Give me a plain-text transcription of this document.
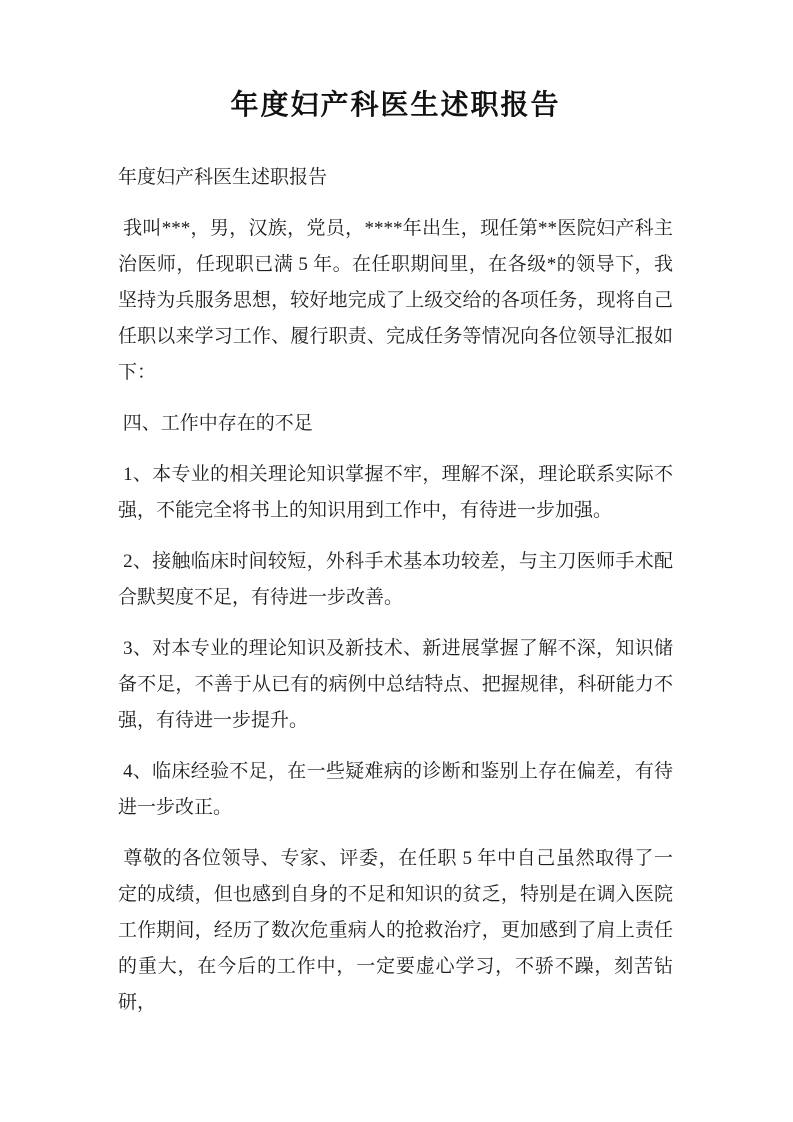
年度妇产科医生述职报告

年度妇产科医生述职报告

我叫***，男，汉族，党员，****年出生，现任第**医院妇产科主治医师，任现职已满 5 年。在任职期间里，在各级*的领导下，我坚持为兵服务思想，较好地完成了上级交给的各项任务，现将自己任职以来学习工作、履行职责、完成任务等情况向各位领导汇报如下：

四、工作中存在的不足

1、本专业的相关理论知识掌握不牢，理解不深，理论联系实际不强，不能完全将书上的知识用到工作中，有待进一步加强。

2、接触临床时间较短，外科手术基本功较差，与主刀医师手术配合默契度不足，有待进一步改善。

3、对本专业的理论知识及新技术、新进展掌握了解不深，知识储备不足，不善于从已有的病例中总结特点、把握规律，科研能力不强，有待进一步提升。

4、临床经验不足，在一些疑难病的诊断和鉴别上存在偏差，有待进一步改正。

尊敬的各位领导、专家、评委，在任职 5 年中自己虽然取得了一定的成绩，但也感到自身的不足和知识的贫乏，特别是在调入医院工作期间，经历了数次危重病人的抢救治疗，更加感到了肩上责任的重大，在今后的工作中，一定要虚心学习，不骄不躁，刻苦钻研，
